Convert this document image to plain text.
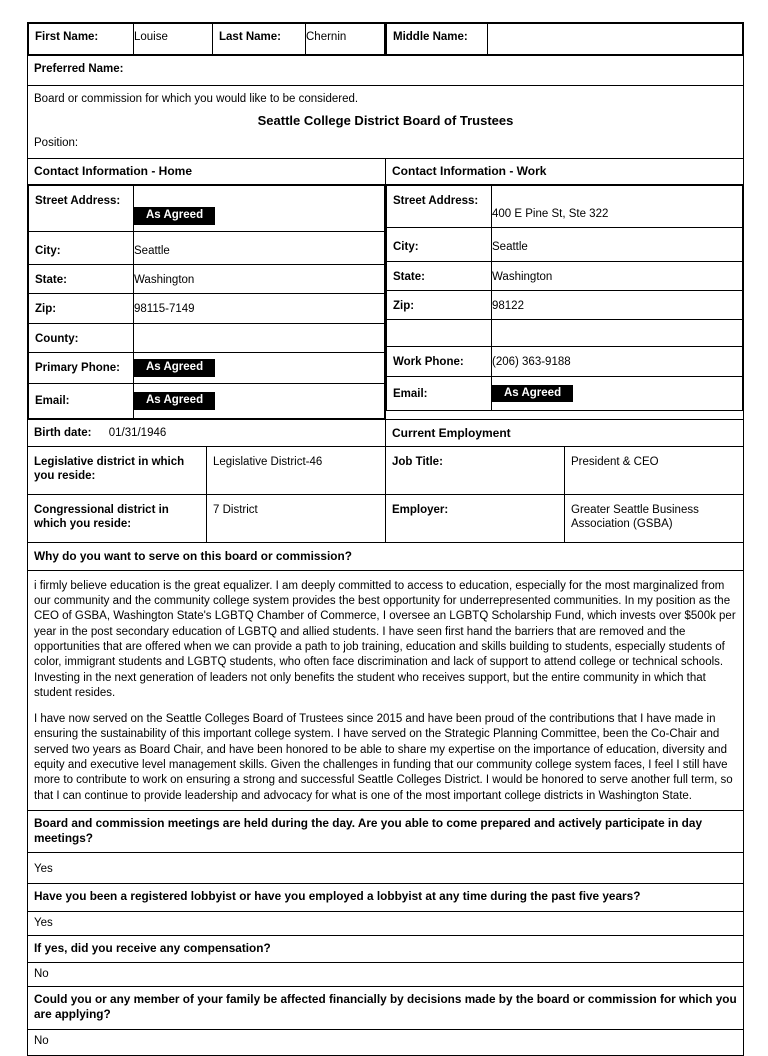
First Name:	Louise	Last Name:	Chernin
		Middle Name:	

Preferred Name:

Board or commission for which you would like to be considered.
Seattle College District Board of Trustees
Position:

Contact Information - Home	Contact Information - Work

Street Address:	
As Agreed
City:	Seattle
State:	Washington
Zip:	98115-7149
County:	
Primary Phone:	As Agreed
Email:	As Agreed

Street Address:	
400 E Pine St, Ste 322
City:	Seattle
State:	Washington
Zip:	98122

Work Phone:	(206) 363-9188
Email:	As Agreed

Birth date: 01/31/1946	Current Employment
Legislative district in which you reside:	Legislative District-46	Job Title:	President & CEO
Congressional district in which you reside:	7 District	Employer:	Greater Seattle Business Association (GSBA)
Why do you want to serve on this board or commission?

i firmly believe education is the great equalizer. I am deeply committed to access to education, especially for the most marginalized from our community and the community college system provides the best opportunity for underrepresented communities. In my position as the CEO of GSBA, Washington State's LGBTQ Chamber of Commerce, I oversee an LGBTQ Scholarship Fund, which invests over $500k per year in the post secondary education of LGBTQ and allied students. I have seen first hand the barriers that are removed and the opportunities that are offered when we can provide a path to job training, education and skills building to students, especially students of color, immigrant students and LGBTQ students, who often face discrimination and lack of support to attend college or technical schools. Investing in the next generation of leaders not only benefits the student who receives support, but the entire community in which that student resides.

I have now served on the Seattle Colleges Board of Trustees since 2015 and have been proud of the contributions that I have made in ensuring the sustainability of this important college system. I have served on the Strategic Planning Committee, been the Co-Chair and served two years as Board Chair, and have been honored to be able to share my expertise on the importance of education, diversity and equity and executive level management skills. Given the challenges in funding that our community college system faces, I feel I still have more to contribute to work on ensuring a strong and successful Seattle Colleges District. I would be honored to serve another full term, so that I can continue to provide leadership and advocacy for what is one of the most important college districts in Washington State.

Board and commission meetings are held during the day. Are you able to come prepared and actively participate in day meetings?
Yes
Have you been a registered lobbyist or have you employed a lobbyist at any time during the past five years?
Yes
If yes, did you receive any compensation?
No
Could you or any member of your family be affected financially by decisions made by the board or commission for which you are applying?
No
